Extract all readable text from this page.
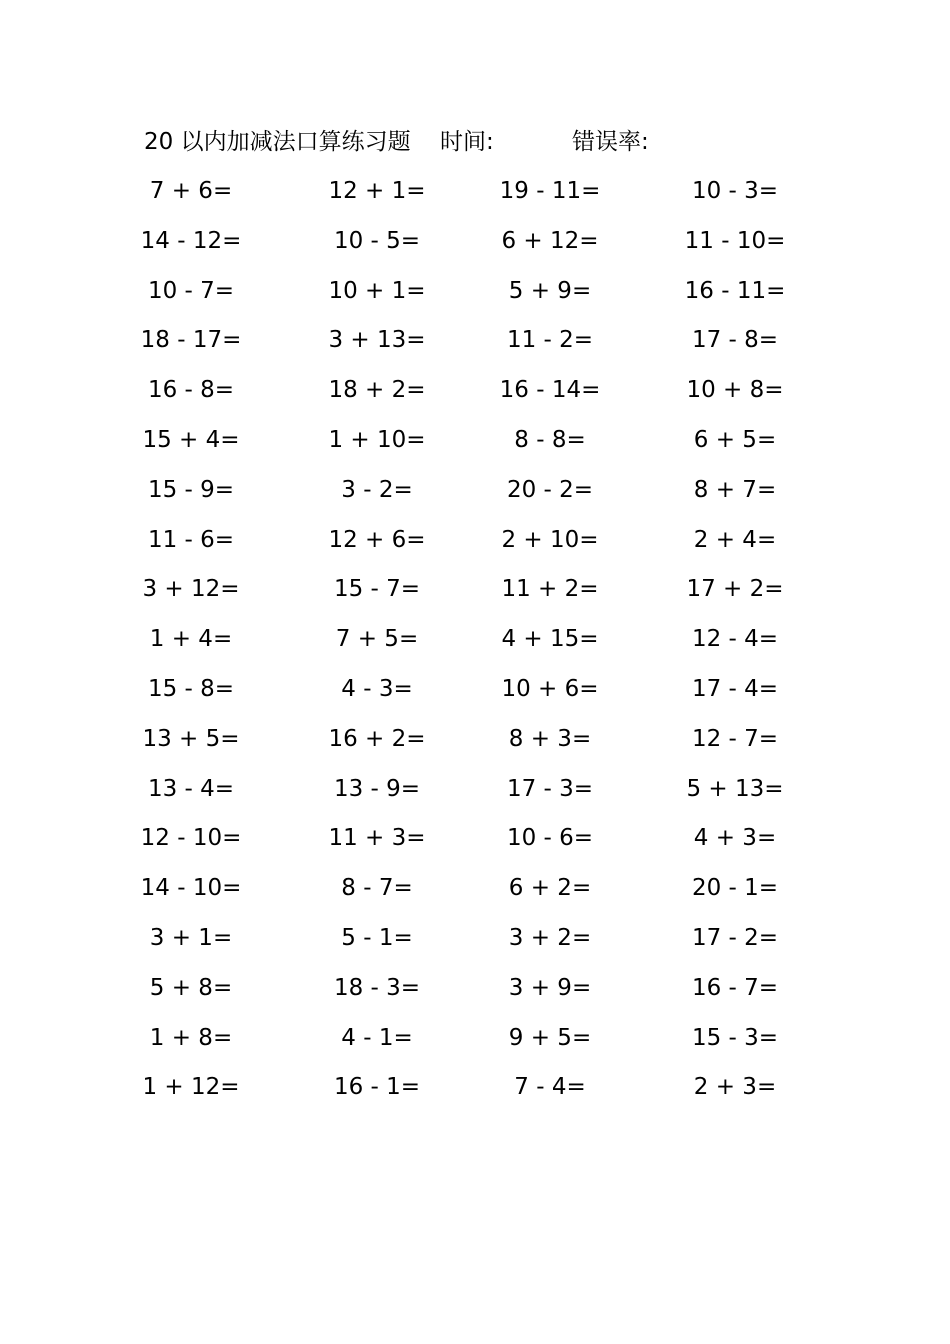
20 以内加减法口算练习题 时间:	错误率:
7 + 6=	12 + 1=	19 - 11=	10 - 3=
14 - 12=	10 - 5=	6 + 12=	11 - 10=
10 - 7=	10 + 1=	5 + 9=	16 - 11=
18 - 17=	3 + 13=	11 - 2=	17 - 8=
16 - 8=	18 + 2=	16 - 14=	10 + 8=
15 + 4=	1 + 10=	8 - 8=	6 + 5=
15 - 9=	3 - 2=	20 - 2=	8 + 7=
11 - 6=	12 + 6=	2 + 10=	2 + 4=
3 + 12=	15 - 7=	11 + 2=	17 + 2=
1 + 4=	7 + 5=	4 + 15=	12 - 4=
15 - 8=	4 - 3=	10 + 6=	17 - 4=
13 + 5=	16 + 2=	8 + 3=	12 - 7=
13 - 4=	13 - 9=	17 - 3=	5 + 13=
12 - 10=	11 + 3=	10 - 6=	4 + 3=
14 - 10=	8 - 7=	6 + 2=	20 - 1=
3 + 1=	5 - 1=	3 + 2=	17 - 2=
5 + 8=	18 - 3=	3 + 9=	16 - 7=
1 + 8=	4 - 1=	9 + 5=	15 - 3=
1 + 12=	16 - 1=	7 - 4=	2 + 3=
